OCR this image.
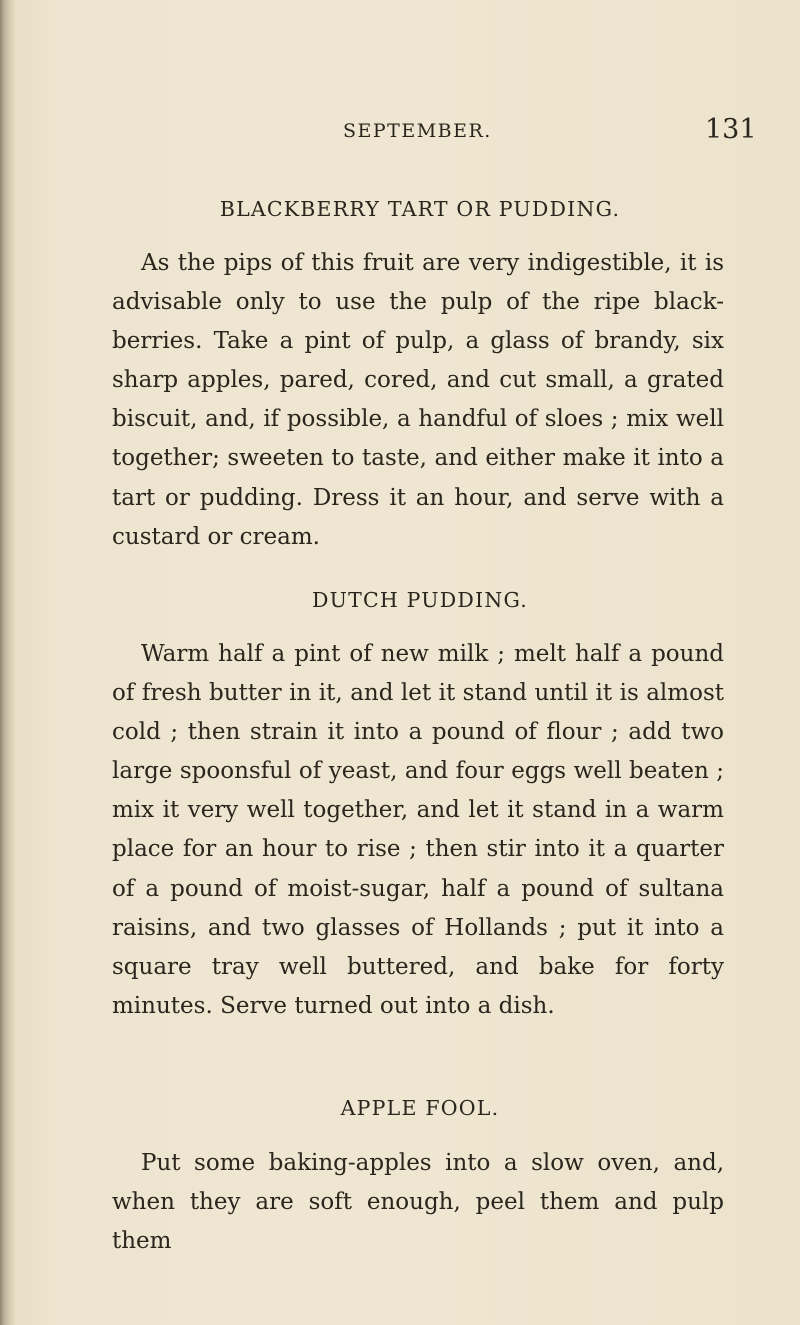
SEPTEMBER.	131
BLACKBERRY TART OR PUDDING.

As the pips of this fruit are very indigestible, it is advisable only to use the pulp of the ripe black-berries. Take a pint of pulp, a glass of brandy, six sharp apples, pared, cored, and cut small, a grated biscuit, and, if possible, a handful of sloes ; mix well together; sweeten to taste, and either make it into a tart or pudding. Dress it an hour, and serve with a custard or cream.

DUTCH PUDDING.

Warm half a pint of new milk ; melt half a pound of fresh butter in it, and let it stand until it is almost cold ; then strain it into a pound of flour ; add two large spoonsful of yeast, and four eggs well beaten ; mix it very well together, and let it stand in a warm place for an hour to rise ; then stir into it a quarter of a pound of moist-sugar, half a pound of sultana raisins, and two glasses of Hollands ; put it into a square tray well buttered, and bake for forty minutes. Serve turned out into a dish.

APPLE FOOL.

Put some baking-apples into a slow oven, and, when they are soft enough, peel them and pulp them
